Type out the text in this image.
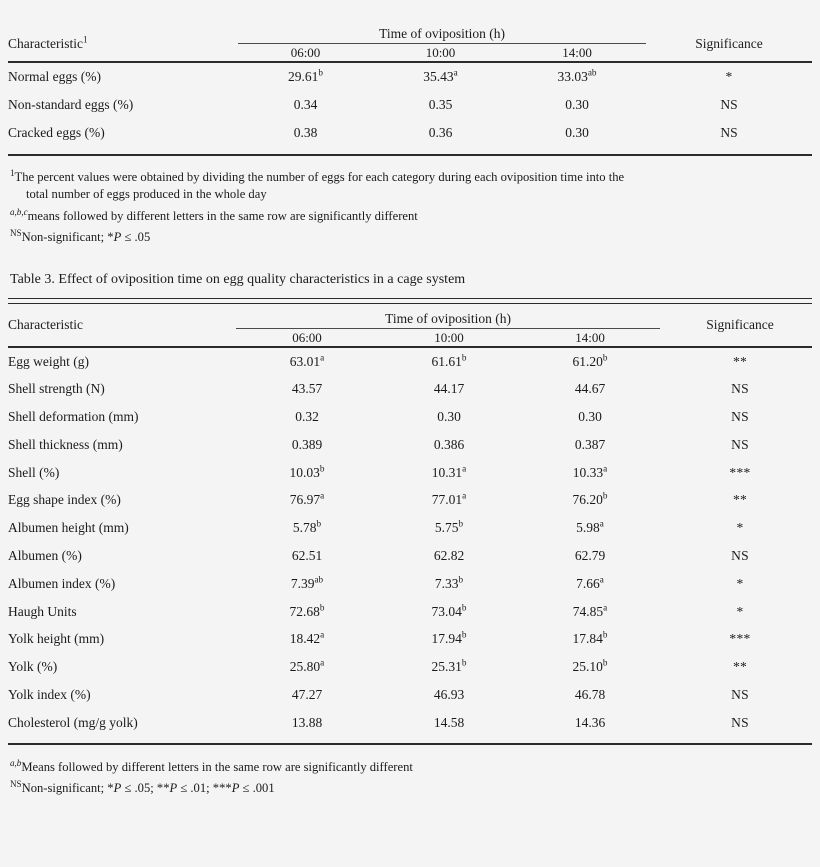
Characteristic$^1$	Time of oviposition (h)			Significance

	06:00	10:00	14:00	
Normal eggs (%)	29.61$^b$	35.43$^a$	33.03$^{ab}$	*
Non-standard eggs (%)	0.34	0.35	0.30	NS
Cracked eggs (%)	0.38	0.36	0.30	NS

$^1$The percent values were obtained by dividing the number of eggs for each category during each oviposition time into the

total number of eggs produced in the whole day

$^{a,b,c}$means followed by different letters in the same row are significantly different

$^{NS}$Non-significant; *P ≤ .05

Table 3. Effect of oviposition time on egg quality characteristics in a cage system
Characteristic	Time of oviposition (h)			Significance

	06:00	10:00	14:00	
Egg weight (g)	63.01$^a$	61.61$^b$	61.20$^b$	**
Shell strength (N)	43.57	44.17	44.67	NS
Shell deformation (mm)	0.32	0.30	0.30	NS
Shell thickness (mm)	0.389	0.386	0.387	NS
Shell (%)	10.03$^b$	10.31$^a$	10.33$^a$	***
Egg shape index (%)	76.97$^a$	77.01$^a$	76.20$^b$	**
Albumen height (mm)	5.78$^b$	5.75$^b$	5.98$^a$	*
Albumen (%)	62.51	62.82	62.79	NS
Albumen index (%)	7.39$^{ab}$	7.33$^b$	7.66$^a$	*
Haugh Units	72.68$^b$	73.04$^b$	74.85$^a$	*
Yolk height (mm)	18.42$^a$	17.94$^b$	17.84$^b$	***
Yolk (%)	25.80$^a$	25.31$^b$	25.10$^b$	**
Yolk index (%)	47.27	46.93	46.78	NS
Cholesterol (mg/g yolk)	13.88	14.58	14.36	NS

$^{a,b}$Means followed by different letters in the same row are significantly different

$^{NS}$Non-significant; *P ≤ .05; **P ≤ .01; ***P ≤ .001
